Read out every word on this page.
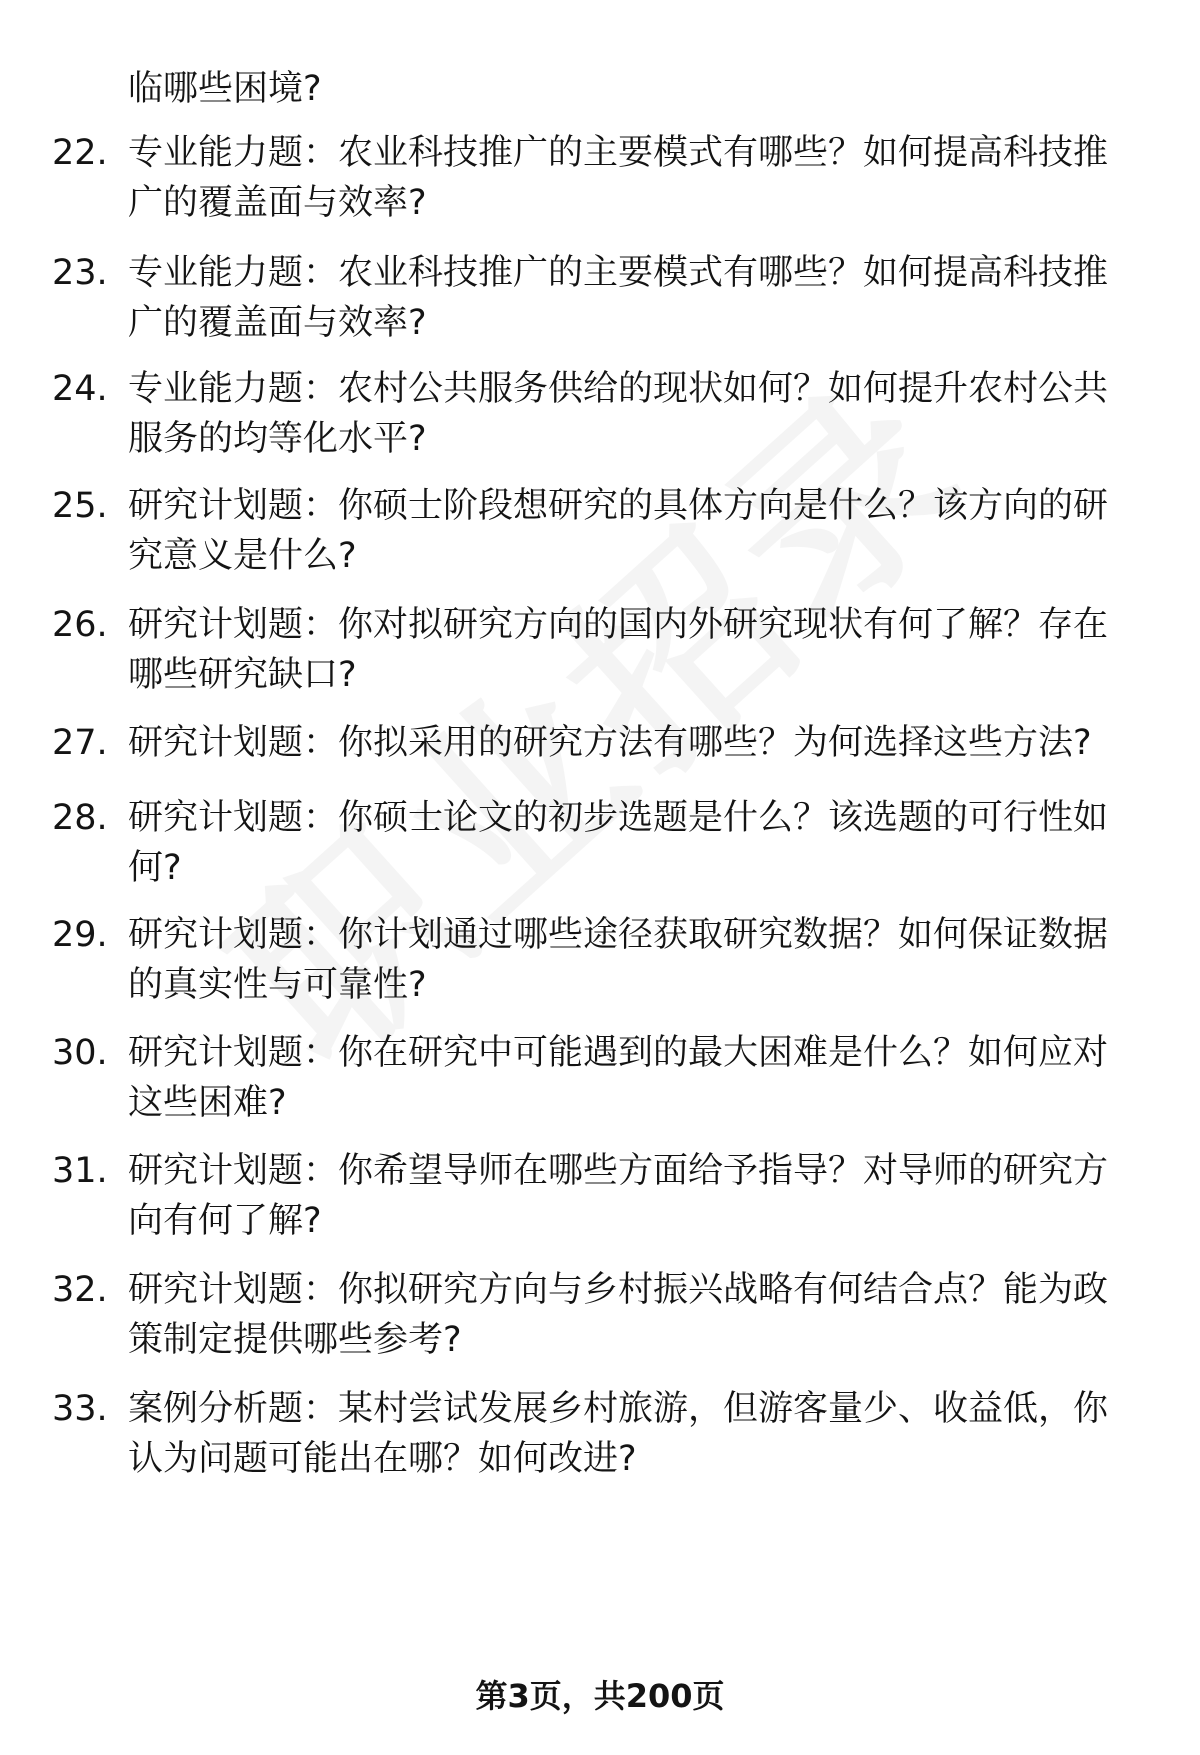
临哪些困境?
22. 专业能力题：农业科技推广的主要模式有哪些？如何提高科技推广的覆盖面与效率?
23. 专业能力题：农业科技推广的主要模式有哪些？如何提高科技推广的覆盖面与效率?
24. 专业能力题：农村公共服务供给的现状如何？如何提升农村公共服务的均等化水平?
25. 研究计划题：你硕士阶段想研究的具体方向是什么？该方向的研究意义是什么?
26. 研究计划题：你对拟研究方向的国内外研究现状有何了解？存在哪些研究缺口?
27. 研究计划题：你拟采用的研究方法有哪些？为何选择这些方法?
28. 研究计划题：你硕士论文的初步选题是什么？该选题的可行性如何?
29. 研究计划题：你计划通过哪些途径获取研究数据？如何保证数据的真实性与可靠性?
30. 研究计划题：你在研究中可能遇到的最大困难是什么？如何应对这些困难?
31. 研究计划题：你希望导师在哪些方面给予指导？对导师的研究方向有何了解?
32. 研究计划题：你拟研究方向与乡村振兴战略有何结合点？能为政策制定提供哪些参考?
33. 案例分析题：某村尝试发展乡村旅游，但游客量少、收益低，你认为问题可能出在哪？如何改进?
第3页，共200页
